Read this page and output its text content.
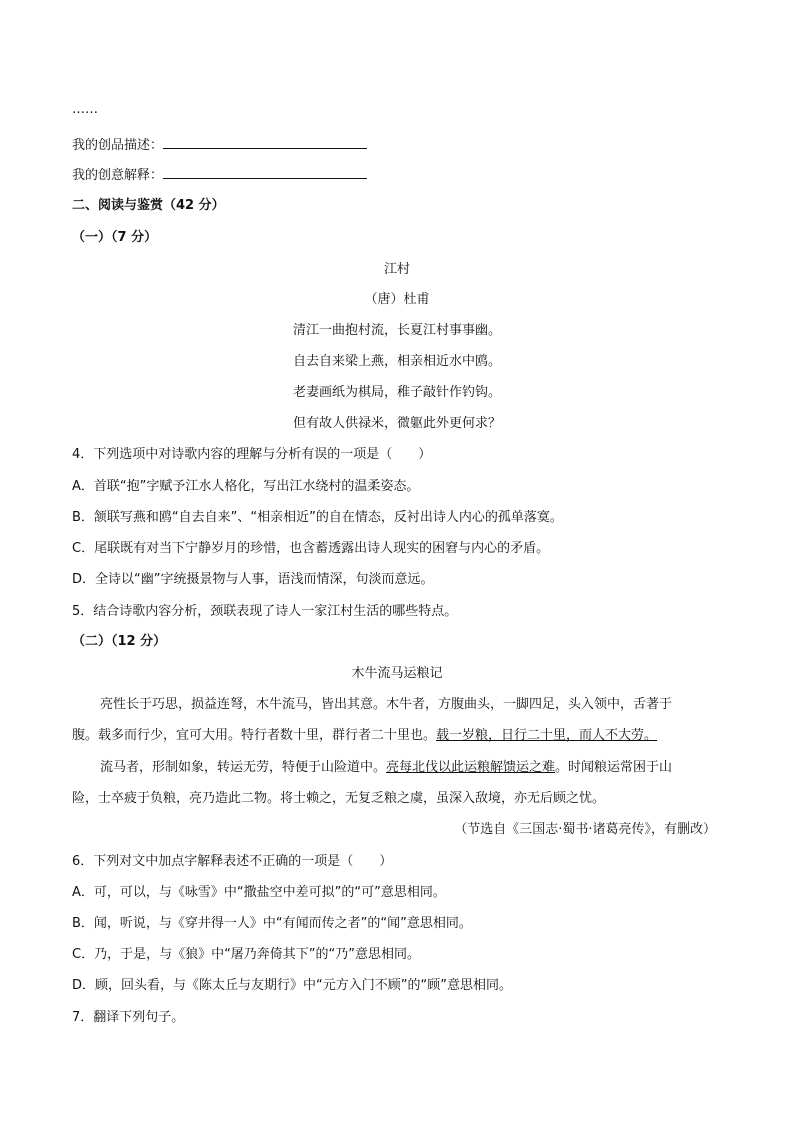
……
我的创品描述：
我的创意解释：
二、阅读与鉴赏（42 分）
（一）（7 分）
江村
（唐）杜甫
清江一曲抱村流，长夏江村事事幽。
自去自来梁上燕，相亲相近水中鸥。
老妻画纸为棋局，稚子敲针作钓钩。
但有故人供禄米，微躯此外更何求？
4．下列选项中对诗歌内容的理解与分析有误的一项是（　　）
A．首联“抱”字赋予江水人格化，写出江水绕村的温柔姿态。
B．颔联写燕和鸥“自去自来”、“相亲相近”的自在情态，反衬出诗人内心的孤单落寞。
C．尾联既有对当下宁静岁月的珍惜，也含蓄透露出诗人现实的困窘与内心的矛盾。
D．全诗以“幽”字统摄景物与人事，语浅而情深，句淡而意远。
5．结合诗歌内容分析，颈联表现了诗人一家江村生活的哪些特点。
（二）（12 分）
木牛流马运粮记
亮性长于巧思，损益连弩，木牛流马，皆出其意。木牛者，方腹曲头，一脚四足，头入领中，舌著于
腹。载多而行少，宜可大用。特行者数十里，群行者二十里也。载一岁粮，日行二十里，而人不大劳。
流马者，形制如象，转运无劳，特便于山险道中。亮每北伐以此运粮解馈运之难。时闻粮运常困于山
险，士卒疲于负粮，亮乃造此二物。将士赖之，无复乏粮之虞，虽深入敌境，亦无后顾之忧。
（节选自《三国志·蜀书·诸葛亮传》，有删改）
6．下列对文中加点字解释表述不正确的一项是（　　）
A．可，可以，与《咏雪》中“撒盐空中差可拟”的“可”意思相同。
B．闻，听说，与《穿井得一人》中“有闻而传之者”的“闻”意思相同。
C．乃，于是，与《狼》中“屠乃奔倚其下”的“乃”意思相同。
D．顾，回头看，与《陈太丘与友期行》中“元方入门不顾”的“顾”意思相同。
7．翻译下列句子。
